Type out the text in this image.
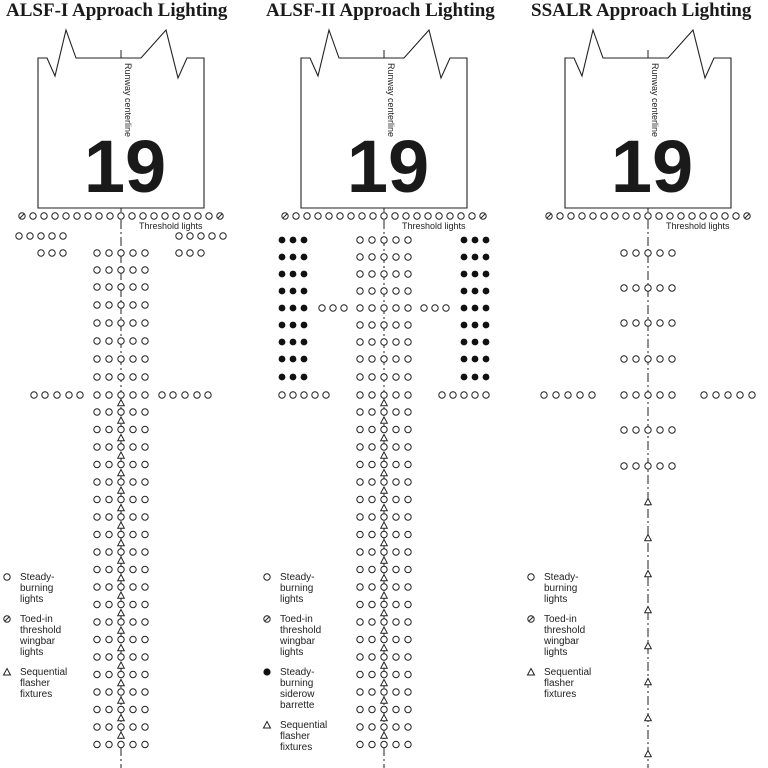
ALSF-I Approach Lighting ALSF-II Approach Lighting SSALR Approach Lighting
19
Runway centerline
Threshold lights
19
Runway centerline
Threshold lights
19
Runway centerline
Threshold lights
Steady-
burning
lights
Toed-in
threshold
wingbar
lights
Sequential
flasher
fixtures
Steady-
burning
lights
Toed-in
threshold
wingbar
lights
Steady-
burning
siderow
barrette
Sequential
flasher
fixtures
Steady-
burning
lights
Toed-in
threshold
wingbar
lights
Sequential
flasher
fixtures
